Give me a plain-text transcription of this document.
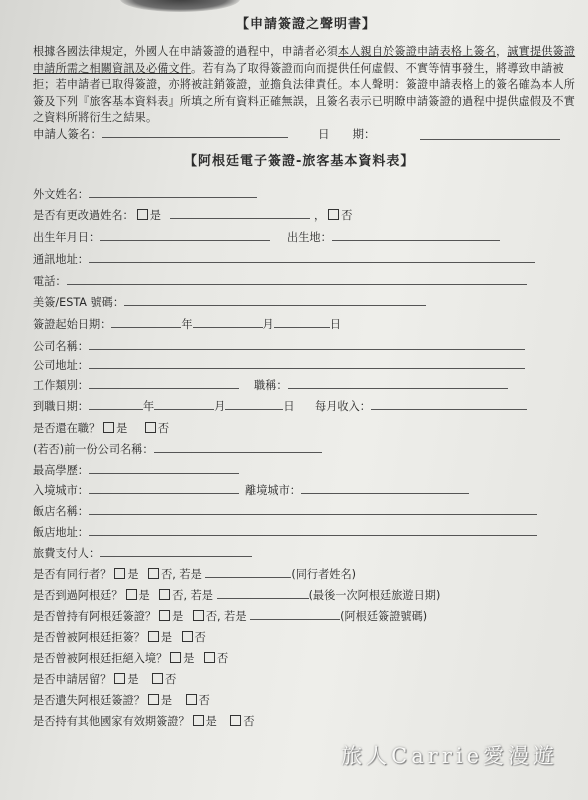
【申請簽證之聲明書】
根據各國法律規定，外國人在申請簽證的過程中，申請者必須本人親自於簽證申請表格上簽名，誠實提供簽證申請所需之相關資訊及必備文件。若有為了取得簽證而向而提供任何虛假、不實等情事發生，將導致申請被拒；若申請者已取得簽證，亦將被註銷簽證，並擔負法律責任。本人聲明：簽證申請表格上的簽名確為本人所簽及下列『旅客基本資料表』所填之所有資料正確無誤，且簽名表示已明瞭申請簽證的過程中提供虛假及不實之資料所將衍生之結果。
申請人簽名：	日　　期：
【阿根廷電子簽證-旅客基本資料表】
外文姓名：
是否有更改過姓名： 是	， 否
出生年月日：	出生地：
通訊地址：
電話：
美簽/ESTA 號碼：
簽證起始日期：	年	月	日
公司名稱：
公司地址：
工作類別：	職稱：
到職日期：	年	月	日 每月收入：
是否還在職？ 是	否
(若否)前一份公司名稱：
最高學歷：
入境城市：	離境城市：
飯店名稱：
飯店地址：
旅費支付人：
是否有同行者？ 是 否, 若是	(同行者姓名)
是否到過阿根廷？ 是 否, 若是	(最後一次阿根廷旅遊日期)
是否曾持有阿根廷簽證？ 是 否, 若是	(阿根廷簽證號碼)
是否曾被阿根廷拒簽？ 是 否
是否曾被阿根廷拒絕入境？ 是 否
是否申請居留？ 是 否
是否遺失阿根廷簽證？ 是 否
是否持有其他國家有效期簽證？ 是 否
旅人Carrie愛漫遊
